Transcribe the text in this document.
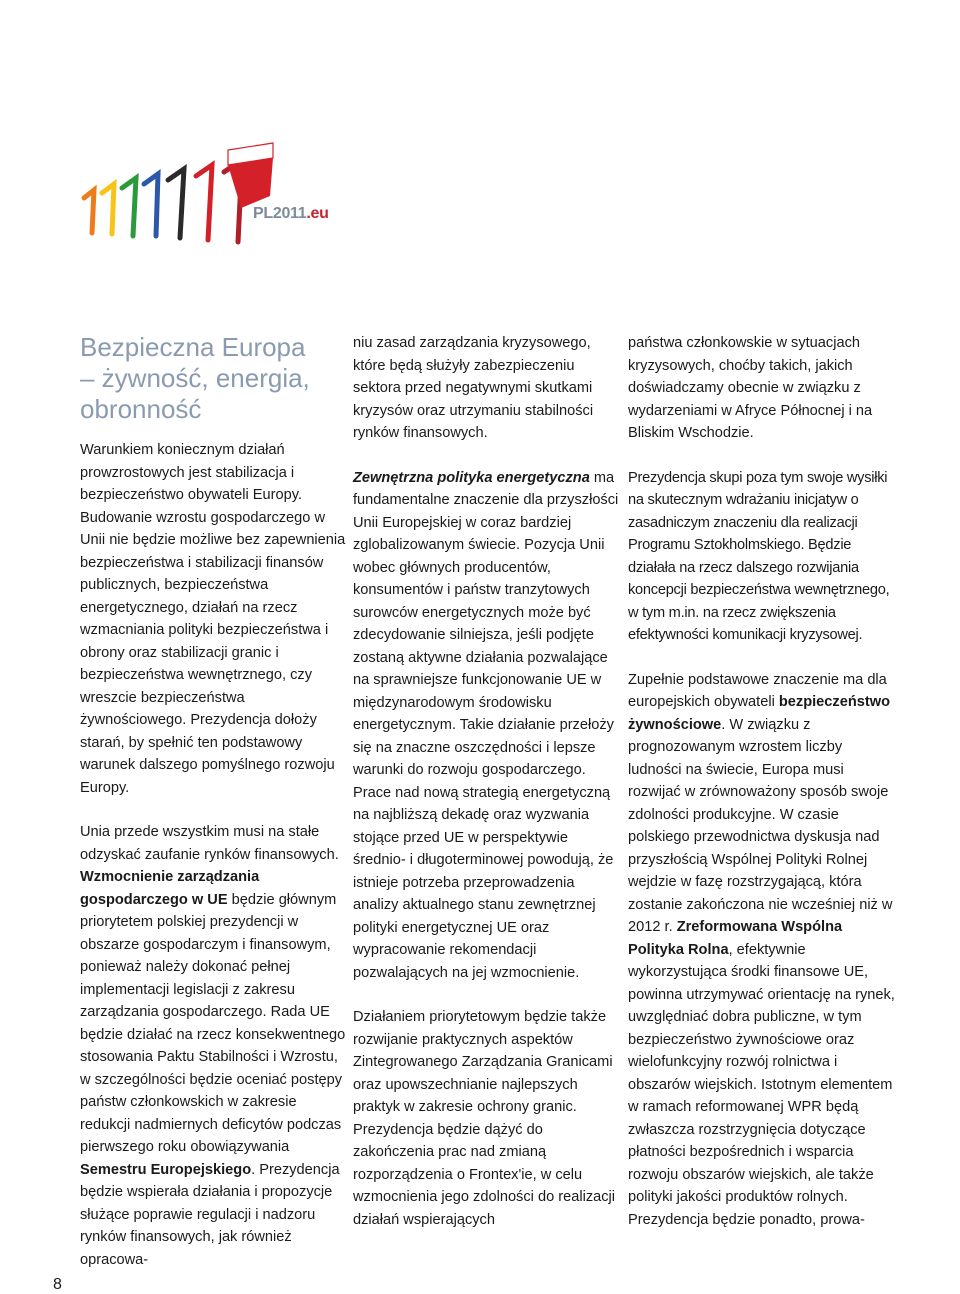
PL2011.eu
Bezpieczna Europa
– żywność, energia,
obronność

Warunkiem koniecznym działań prowzrostowych jest stabilizacja i bezpieczeństwo obywateli Europy. Budowanie wzrostu gospodarczego w Unii nie będzie możliwe bez zapewnienia bezpieczeństwa i stabilizacji finansów publicznych, bezpieczeństwa energetycznego, działań na rzecz wzmacniania polityki bezpieczeństwa i obrony oraz stabilizacji granic i bezpieczeństwa wewnętrznego, czy wreszcie bezpieczeństwa żywnościowego. Prezydencja dołoży starań, by spełnić ten podstawowy warunek dalszego pomyślnego rozwoju Europy.

Unia przede wszystkim musi na stałe odzyskać zaufanie rynków finansowych. Wzmocnienie zarządzania gospodarczego w UE będzie głównym priorytetem polskiej prezydencji w obszarze gospodarczym i finansowym, ponieważ należy dokonać pełnej implementacji legislacji z zakresu zarządzania gospodarczego. Rada UE będzie działać na rzecz konsekwentnego stosowania Paktu Stabilności i Wzrostu, w szczególności będzie oceniać postępy państw członkowskich w zakresie redukcji nadmiernych deficytów podczas pierwszego roku obowiązywania Semestru Europejskiego. Prezydencja będzie wspierała działania i propozycje służące poprawie regulacji i nadzoru rynków finansowych, jak również opracowa-

niu zasad zarządzania kryzysowego, które będą służyły zabezpieczeniu sektora przed negatywnymi skutkami kryzysów oraz utrzymaniu stabilności rynków finansowych.

Zewnętrzna polityka energetyczna ma fundamentalne znaczenie dla przyszłości Unii Europejskiej w coraz bardziej zglobalizowanym świecie. Pozycja Unii wobec głównych producentów, konsumentów i państw tranzytowych surowców energetycznych może być zdecydowanie silniejsza, jeśli podjęte zostaną aktywne działania pozwalające na sprawniejsze funkcjonowanie UE w międzynarodowym środowisku energetycznym. Takie działanie przełoży się na znaczne oszczędności i lepsze warunki do rozwoju gospodarczego. Prace nad nową strategią energetyczną na najbliższą dekadę oraz wyzwania stojące przed UE w perspektywie średnio- i długoterminowej powodują, że istnieje potrzeba przeprowadzenia analizy aktualnego stanu zewnętrznej polityki energetycznej UE oraz wypracowanie rekomendacji pozwalających na jej wzmocnienie.

Działaniem priorytetowym będzie także rozwijanie praktycznych aspektów Zintegrowanego Zarządzania Granicami oraz upowszechnianie najlepszych praktyk w zakresie ochrony granic. Prezydencja będzie dążyć do zakończenia prac nad zmianą rozporządzenia o Frontex'ie, w celu wzmocnienia jego zdolności do realizacji działań wspierających

państwa członkowskie w sytuacjach kryzysowych, choćby takich, jakich doświadczamy obecnie w związku z wydarzeniami w Afryce Północnej i na Bliskim Wschodzie.

Prezydencja skupi poza tym swoje wysiłki na skutecznym wdrażaniu inicjatyw o zasadniczym znaczeniu dla realizacji Programu Sztokholmskiego. Będzie działała na rzecz dalszego rozwijania koncepcji bezpieczeństwa wewnętrznego, w tym m.in. na rzecz zwiększenia efektywności komunikacji kryzysowej.

Zupełnie podstawowe znaczenie ma dla europejskich obywateli bezpieczeństwo żywnościowe. W związku z prognozowanym wzrostem liczby ludności na świecie, Europa musi rozwijać w zrównoważony sposób swoje zdolności produkcyjne. W czasie polskiego przewodnictwa dyskusja nad przyszłością Wspólnej Polityki Rolnej wejdzie w fazę rozstrzygającą, która zostanie zakończona nie wcześniej niż w 2012 r. Zreformowana Wspólna Polityka Rolna, efektywnie wykorzystująca środki finansowe UE, powinna utrzymywać orientację na rynek, uwzględniać dobra publiczne, w tym bezpieczeństwo żywnościowe oraz wielofunkcyjny rozwój rolnictwa i obszarów wiejskich. Istotnym elementem w ramach reformowanej WPR będą zwłaszcza rozstrzygnięcia dotyczące płatności bezpośrednich i wsparcia rozwoju obszarów wiejskich, ale także polityki jakości produktów rolnych. Prezydencja będzie ponadto, prowa-

8
